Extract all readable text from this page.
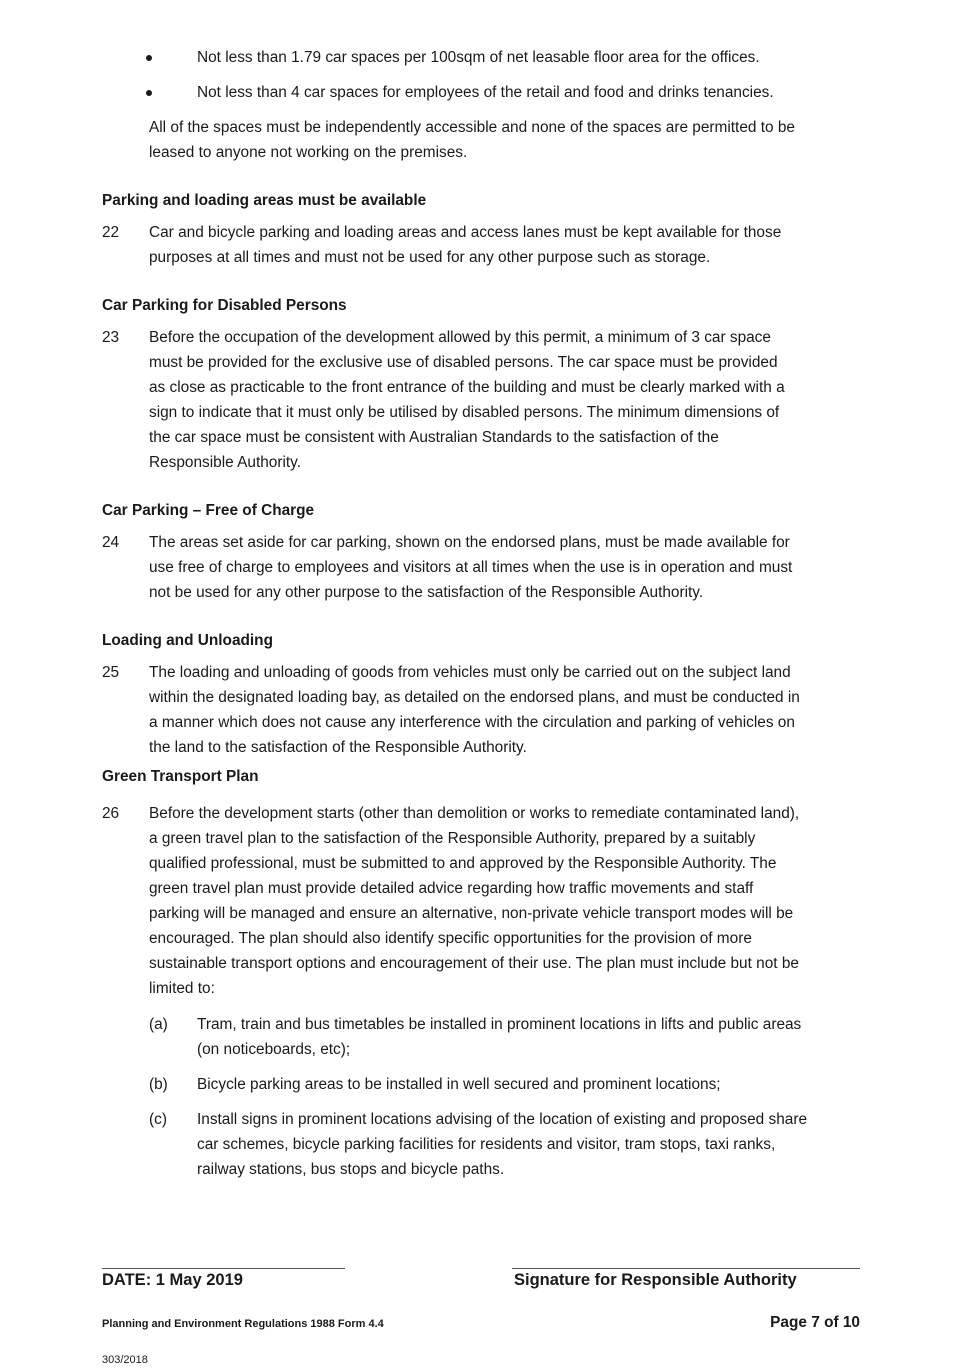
Not less than 1.79 car spaces per 100sqm of net leasable floor area for the offices.
Not less than 4 car spaces for employees of the retail and food and drinks tenancies.
All of the spaces must be independently accessible and none of the spaces are permitted to be
leased to anyone not working on the premises.
Parking and loading areas must be available
22 Car and bicycle parking and loading areas and access lanes must be kept available for those
purposes at all times and must not be used for any other purpose such as storage.
Car Parking for Disabled Persons
23 Before the occupation of the development allowed by this permit, a minimum of 3 car space
must be provided for the exclusive use of disabled persons. The car space must be provided
as close as practicable to the front entrance of the building and must be clearly marked with a
sign to indicate that it must only be utilised by disabled persons. The minimum dimensions of
the car space must be consistent with Australian Standards to the satisfaction of the
Responsible Authority.
Car Parking – Free of Charge
24 The areas set aside for car parking, shown on the endorsed plans, must be made available for
use free of charge to employees and visitors at all times when the use is in operation and must
not be used for any other purpose to the satisfaction of the Responsible Authority.
Loading and Unloading
25 The loading and unloading of goods from vehicles must only be carried out on the subject land
within the designated loading bay, as detailed on the endorsed plans, and must be conducted in
a manner which does not cause any interference with the circulation and parking of vehicles on
the land to the satisfaction of the Responsible Authority.
Green Transport Plan
26 Before the development starts (other than demolition or works to remediate contaminated land),
a green travel plan to the satisfaction of the Responsible Authority, prepared by a suitably
qualified professional, must be submitted to and approved by the Responsible Authority. The
green travel plan must provide detailed advice regarding how traffic movements and staff
parking will be managed and ensure an alternative, non-private vehicle transport modes will be
encouraged. The plan should also identify specific opportunities for the provision of more
sustainable transport options and encouragement of their use. The plan must include but not be
limited to:
(a) Tram, train and bus timetables be installed in prominent locations in lifts and public areas
(on noticeboards, etc);
(b) Bicycle parking areas to be installed in well secured and prominent locations;
(c) Install signs in prominent locations advising of the location of existing and proposed share
car schemes, bicycle parking facilities for residents and visitor, tram stops, taxi ranks,
railway stations, bus stops and bicycle paths.
DATE: 1 May 2019	Signature for Responsible Authority
Planning and Environment Regulations 1988 Form 4.4	Page 7 of 10
303/2018
